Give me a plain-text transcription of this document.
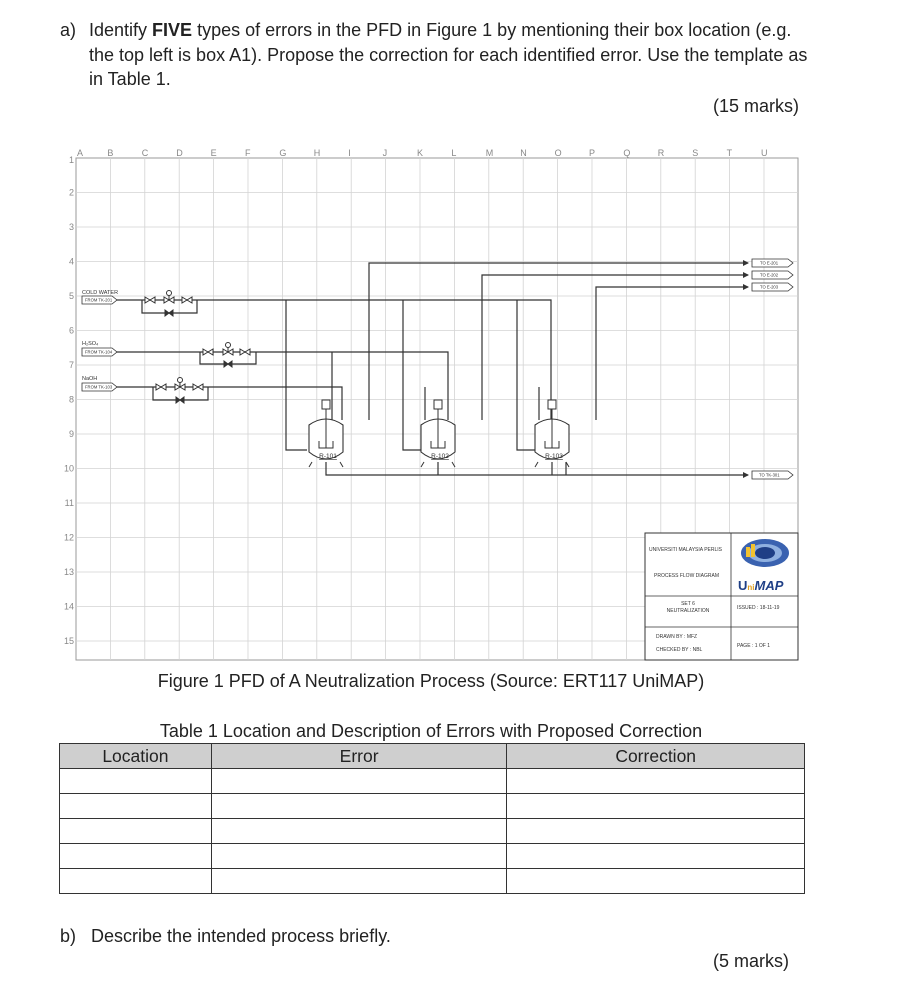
a) Identify FIVE types of errors in the PFD in Figure 1 by mentioning their box location (e.g. the top left is box A1). Propose the correction for each identified error. Use the template as in Table 1.
(15 marks)
A	B	C	D	E	F	G	H	I	J	K	L	M	N	O	P	Q	R	S	T	U
1
2
3
4
5
6
7
8
9
10
11
12
13
14
15
R-101	R-102	R-103
COLD WATER
H₂SO₄
NaOH
FROM TK-201
FROM TK-104
FROM TK-103
TO E-201
TO E-202
TO E-203
TO TK-301
UNIVERSITI MALAYSIA PERLIS
PROCESS FLOW DIAGRAM
SET 6
NEUTRALIZATION
DRAWN BY : MFZ
CHECKED BY : NBL
ISSUED : 18-11-19
PAGE : 1 OF 1
UniMAP
Figure 1 PFD of A Neutralization Process (Source: ERT117 UniMAP)
Table 1 Location and Description of Errors with Proposed Correction
Location	Error	Correction

b) Describe the intended process briefly.
(5 marks)
